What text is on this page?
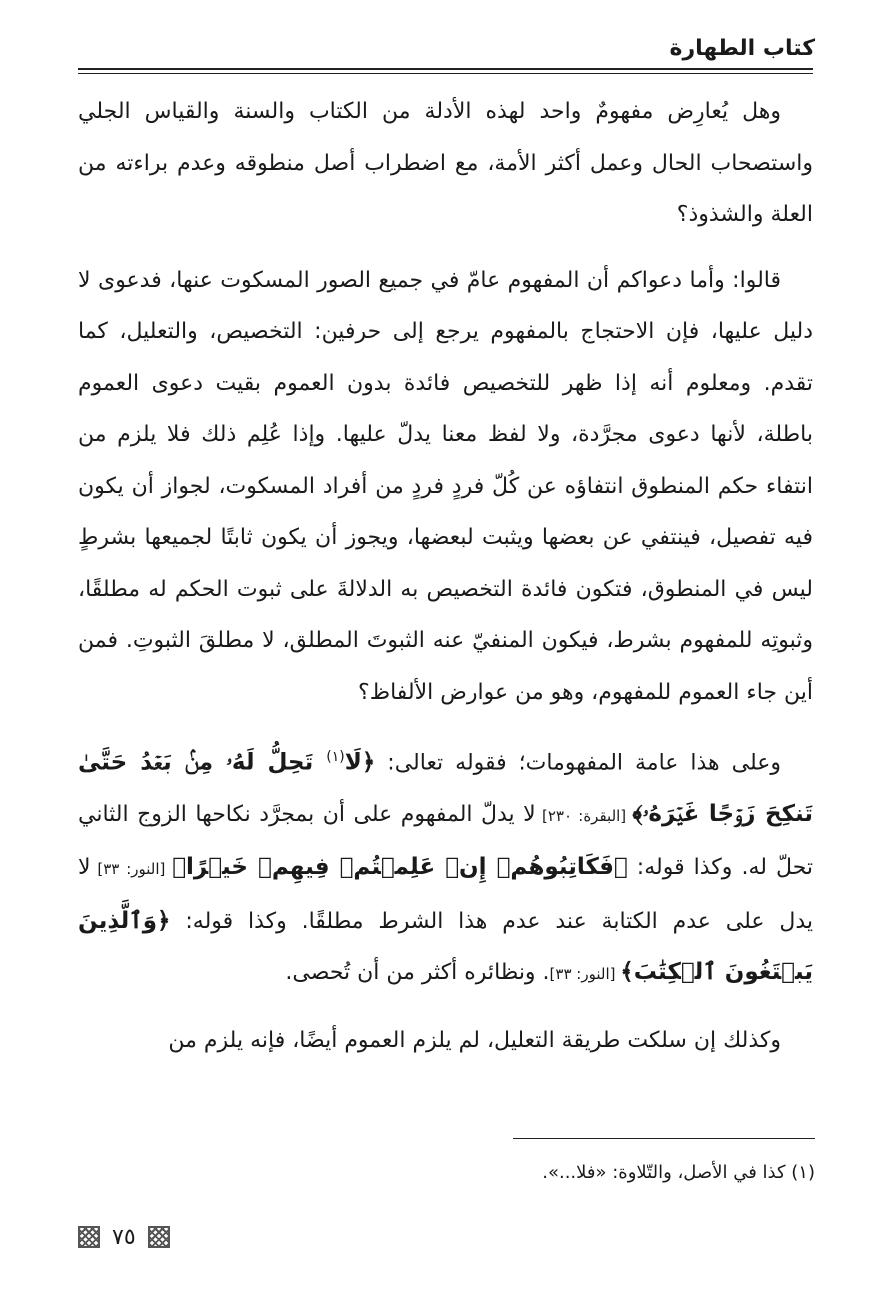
كتاب الطهارة

وهل يُعارِض مفهومٌ واحد لهذه الأدلة من الكتاب والسنة والقياس الجلي واستصحاب الحال وعمل أكثر الأمة، مع اضطراب أصل منطوقه وعدم براءته من العلة والشذوذ؟

قالوا: وأما دعواكم أن المفهوم عامّ في جميع الصور المسكوت عنها، فدعوى لا دليل عليها، فإن الاحتجاج بالمفهوم يرجع إلى حرفين: التخصيص، والتعليل، كما تقدم. ومعلوم أنه إذا ظهر للتخصيص فائدة بدون العموم بقيت دعوى العموم باطلة، لأنها دعوى مجرَّدة، ولا لفظ معنا يدلّ عليها. وإذا عُلِم ذلك فلا يلزم من انتفاء حكم المنطوق انتفاؤه عن كُلّ فردٍ فردٍ من أفراد المسكوت، لجواز أن يكون فيه تفصيل، فينتفي عن بعضها ويثبت لبعضها، ويجوز أن يكون ثابتًا لجميعها بشرطٍ ليس في المنطوق، فتكون فائدة التخصيص به الدلالةَ على ثبوت الحكم له مطلقًا، وثبوتِه للمفهوم بشرط، فيكون المنفيّ عنه الثبوتَ المطلق، لا مطلقَ الثبوتِ. فمن أين جاء العموم للمفهوم، وهو من عوارض الألفاظ؟

وعلى هذا عامة المفهومات؛ فقوله تعالى: ﴿لَا$^{(١)}$ تَحِلُّ لَهُۥ مِنۢ بَعۡدُ حَتَّىٰ تَنكِحَ زَوۡجًا غَيۡرَهُۥ﴾ [البقرة: ٢٣٠] لا يدلّ المفهوم على أن بمجرَّد نكاحها الزوج الثاني تحلّ له. وكذا قوله: ﴿فَكَاتِبُوهُمۡ إِنۡ عَلِمۡتُمۡ فِيهِمۡ خَيۡرًا﴾ [النور: ٣٣] لا يدل على عدم الكتابة عند عدم هذا الشرط مطلقًا. وكذا قوله: ﴿وَٱلَّذِينَ يَبۡتَغُونَ ٱلۡكِتَٰبَ﴾ [النور: ٣٣]. ونظائره أكثر من أن تُحصى.

وكذلك إن سلكت طريقة التعليل، لم يلزم العموم أيضًا، فإنه يلزم من

(١) كذا في الأصل، والتّلاوة: «فلا...».
٧٥
